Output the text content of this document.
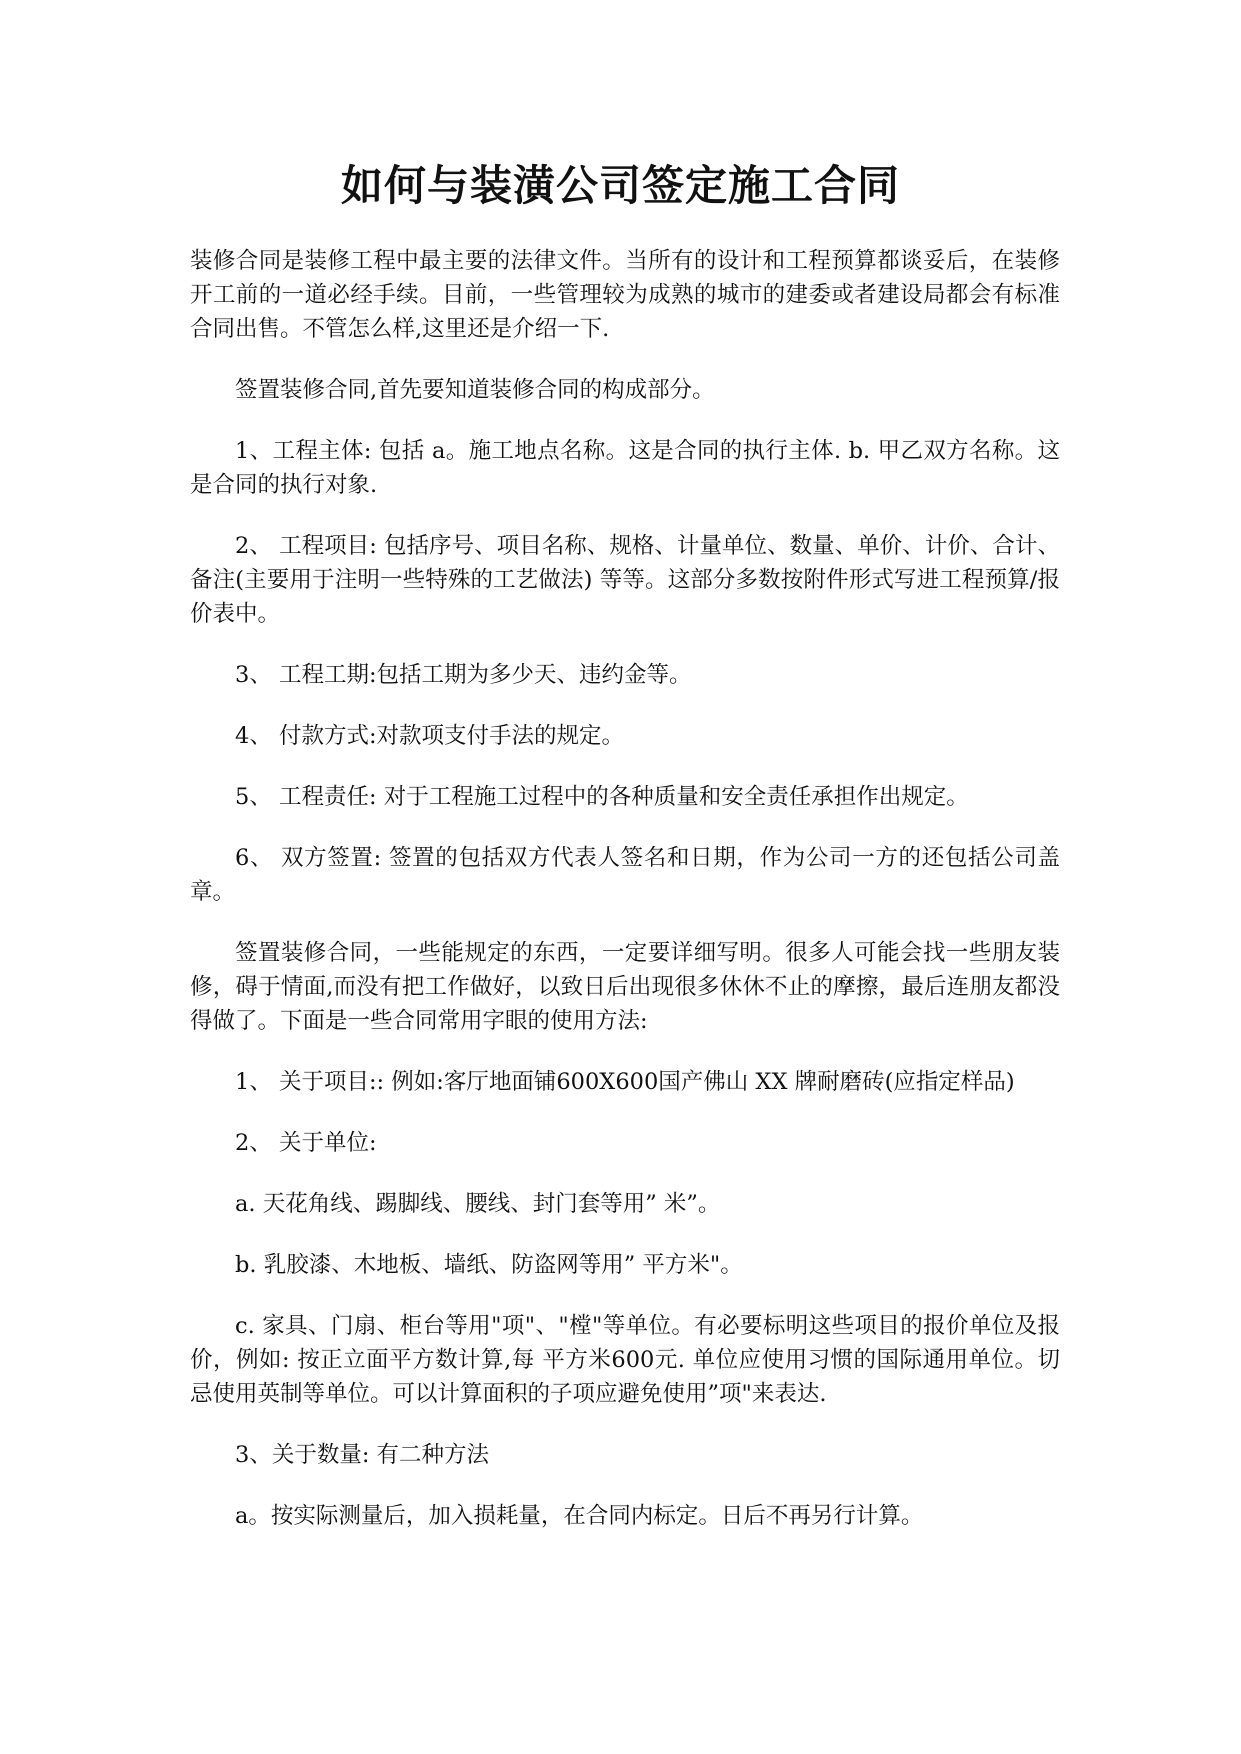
如何与装潢公司签定施工合同

装修合同是装修工程中最主要的法律文件。当所有的设计和工程预算都谈妥后，在装修开工前的一道必经手续。目前，一些管理较为成熟的城市的建委或者建设局都会有标准合同出售。不管怎么样,这里还是介绍一下.

签置装修合同,首先要知道装修合同的构成部分。

1、工程主体: 包括 a。施工地点名称。这是合同的执行主体. b. 甲乙双方名称。这是合同的执行对象.

2、 工程项目: 包括序号、项目名称、规格、计量单位、数量、单价、计价、合计、备注(主要用于注明一些特殊的工艺做法) 等等。这部分多数按附件形式写进工程预算/报价表中。

3、 工程工期:包括工期为多少天、违约金等。

4、 付款方式:对款项支付手法的规定。

5、 工程责任: 对于工程施工过程中的各种质量和安全责任承担作出规定。

6、 双方签置: 签置的包括双方代表人签名和日期，作为公司一方的还包括公司盖章。

签置装修合同，一些能规定的东西，一定要详细写明。很多人可能会找一些朋友装修，碍于情面,而没有把工作做好，以致日后出现很多休休不止的摩擦，最后连朋友都没得做了。下面是一些合同常用字眼的使用方法:

1、 关于项目:: 例如:客厅地面铺600X600国产佛山 XX 牌耐磨砖(应指定样品)

2、 关于单位:

a. 天花角线、踢脚线、腰线、封门套等用” 米”。

b. 乳胶漆、木地板、墙纸、防盗网等用” 平方米"。

c. 家具、门扇、柜台等用"项"、"樘"等单位。有必要标明这些项目的报价单位及报价，例如: 按正立面平方数计算,每 平方米600元. 单位应使用习惯的国际通用单位。切忌使用英制等单位。可以计算面积的子项应避免使用”项"来表达.

3、关于数量: 有二种方法

a。按实际测量后，加入损耗量，在合同内标定。日后不再另行计算。
